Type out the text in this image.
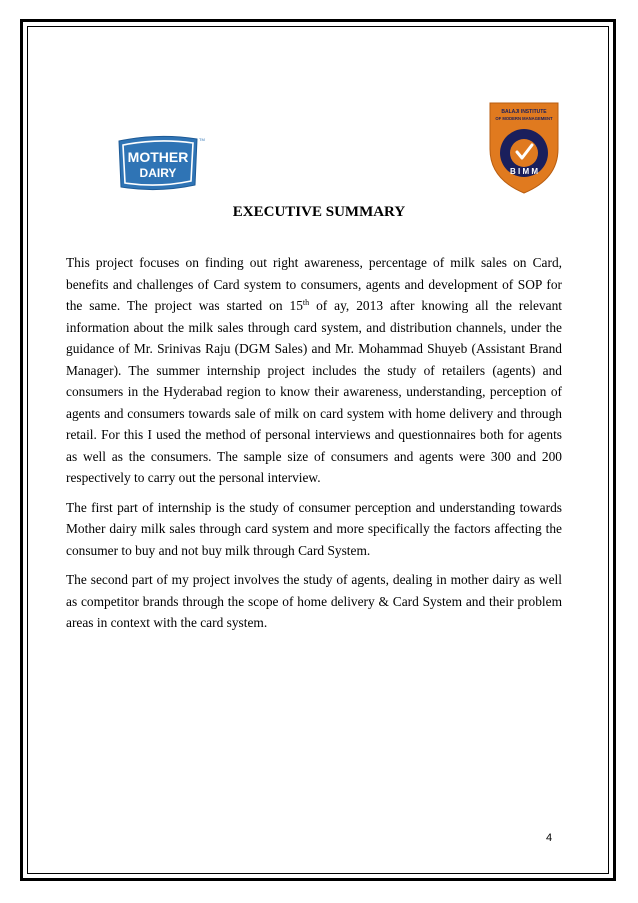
MOTHER
DAIRY
TM
BALAJI INSTITUTE
OF MODERN MANAGEMENT
B I M M
EXECUTIVE SUMMARY

This project focuses on finding out right awareness, percentage of milk sales on Card, benefits and challenges of Card system to consumers, agents and development of SOP for the same. The project was started on 15th of ay, 2013 after knowing all the relevant information about the milk sales through card system, and distribution channels, under the guidance of Mr. Srinivas Raju (DGM Sales) and Mr. Mohammad Shuyeb (Assistant Brand Manager). The summer internship project includes the study of retailers (agents) and consumers in the Hyderabad region to know their awareness, understanding, perception of agents and consumers towards sale of milk on card system with home delivery and through retail. For this I used the method of personal interviews and questionnaires both for agents as well as the consumers. The sample size of consumers and agents were 300 and 200 respectively to carry out the personal interview.

The first part of internship is the study of consumer perception and understanding towards Mother dairy milk sales through card system and more specifically the factors affecting the consumer to buy and not buy milk through Card System.

The second part of my project involves the study of agents, dealing in mother dairy as well as competitor brands through the scope of home delivery & Card System and their problem areas in context with the card system.

4
